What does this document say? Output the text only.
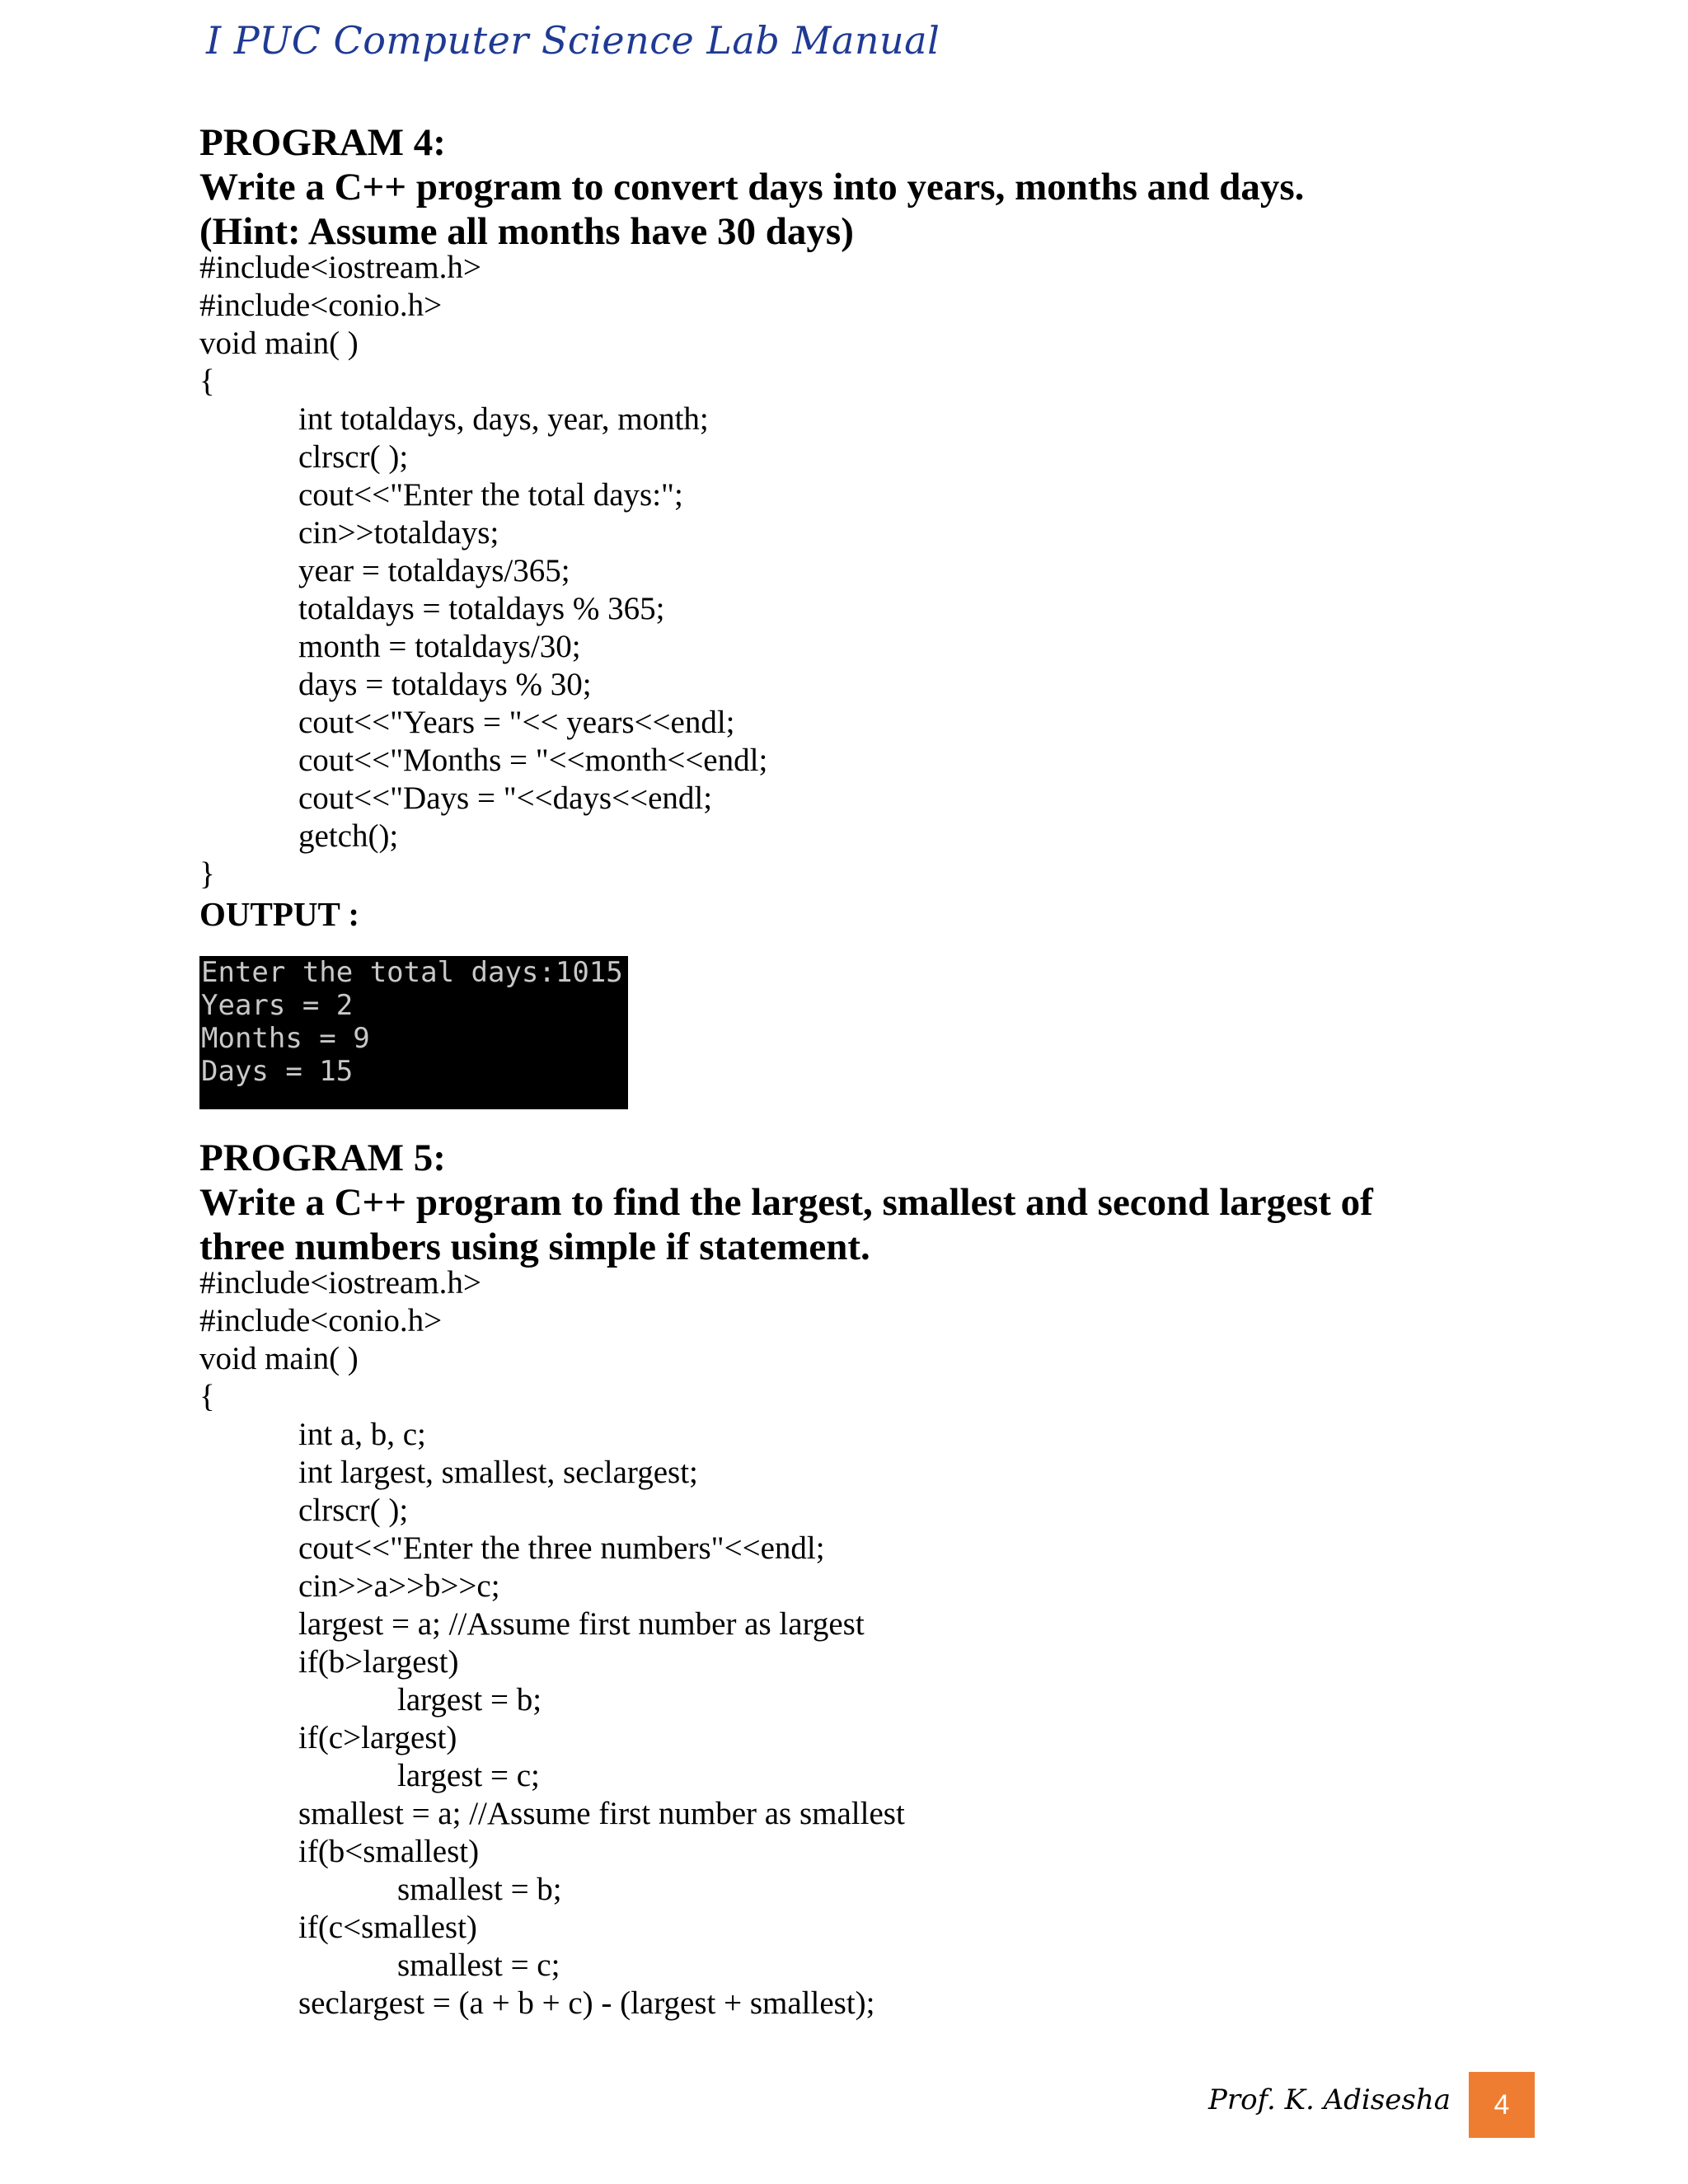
I PUC Computer Science Lab Manual
PROGRAM 4:
Write a C++ program to convert days into years, months and days.
(Hint: Assume all months have 30 days)
#include<iostream.h>
#include<conio.h>
void main( )
{
int totaldays, days, year, month;
clrscr( );
cout<<"Enter the total days:";
cin>>totaldays;
year = totaldays/365;
totaldays = totaldays % 365;
month = totaldays/30;
days = totaldays % 30;
cout<<"Years = "<< years<<endl;
cout<<"Months = "<<month<<endl;
cout<<"Days = "<<days<<endl;
getch();
}
OUTPUT :
Enter the total days:1015
Years = 2
Months = 9
Days = 15
PROGRAM 5:
Write a C++ program to find the largest, smallest and second largest of
three numbers using simple if statement.
#include<iostream.h>
#include<conio.h>
void main( )
{
int a, b, c;
int largest, smallest, seclargest;
clrscr( );
cout<<"Enter the three numbers"<<endl;
cin>>a>>b>>c;
largest = a; //Assume first number as largest
if(b>largest)
largest = b;
if(c>largest)
largest = c;
smallest = a; //Assume first number as smallest
if(b<smallest)
smallest = b;
if(c<smallest)
smallest = c;
seclargest = (a + b + c) - (largest + smallest);
Prof. K. Adisesha	4
